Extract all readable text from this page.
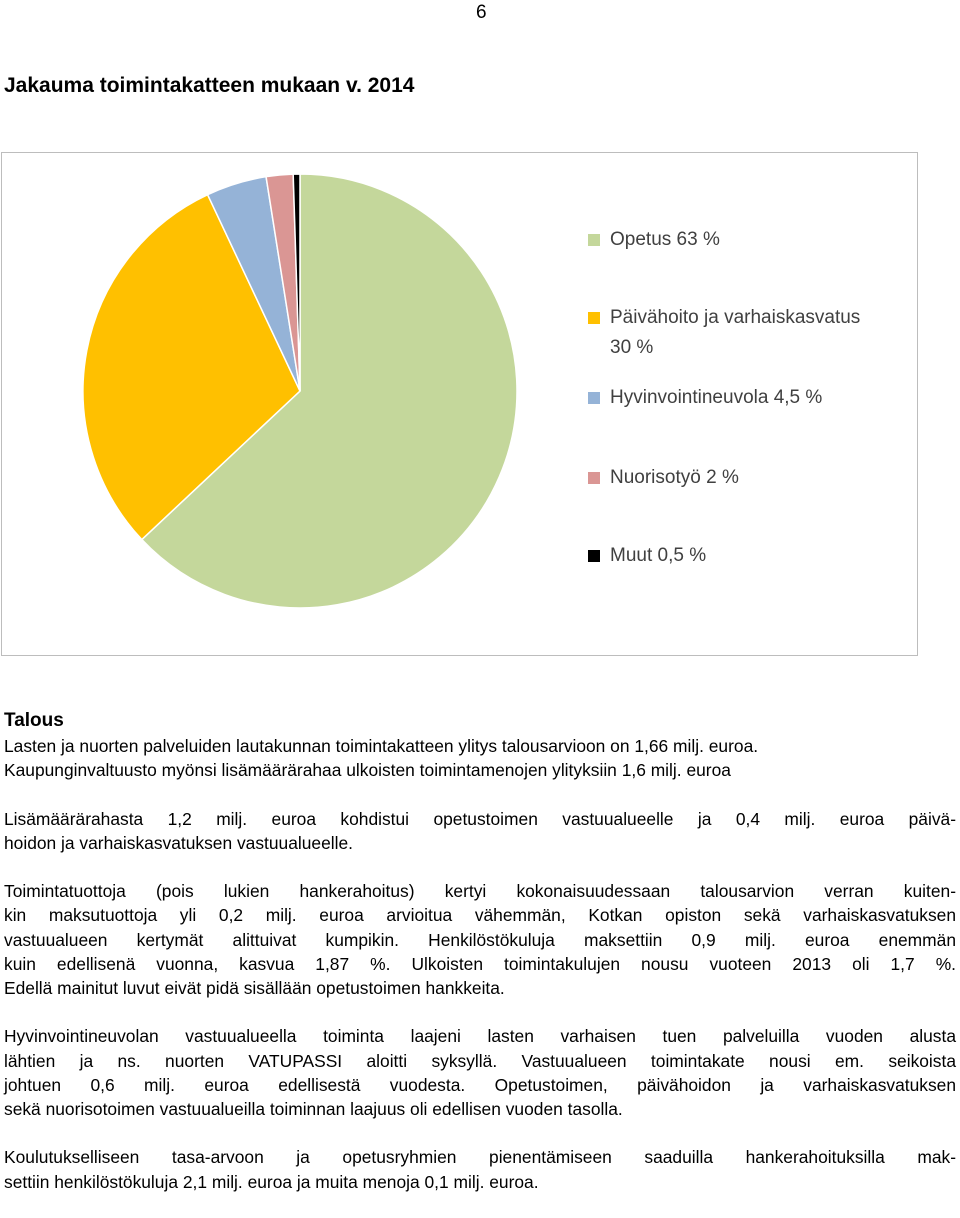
6
Jakauma toimintakatteen mukaan v. 2014
Opetus 63 %
Päivähoito ja varhaiskasvatus
30 %
Hyvinvointineuvola 4,5 %
Nuorisotyö 2 %
Muut 0,5 %
Talous

Lasten ja nuorten palveluiden lautakunnan toimintakatteen ylitys talousarvioon on 1,66 milj. euroa.
Kaupunginvaltuusto myönsi lisämäärärahaa ulkoisten toimintamenojen ylityksiin 1,6 milj. euroa

Lisämäärärahasta 1,2 milj. euroa kohdistui opetustoimen vastuualueelle ja 0,4 milj. euroa päivä-
hoidon ja varhaiskasvatuksen vastuualueelle.

Toimintatuottoja (pois lukien hankerahoitus) kertyi kokonaisuudessaan talousarvion verran kuiten-
kin maksutuottoja yli 0,2 milj. euroa arvioitua vähemmän, Kotkan opiston sekä varhaiskasvatuksen
vastuualueen kertymät alittuivat kumpikin. Henkilöstökuluja maksettiin 0,9 milj. euroa enemmän
kuin edellisenä vuonna, kasvua 1,87 %. Ulkoisten toimintakulujen nousu vuoteen 2013 oli 1,7 %.
Edellä mainitut luvut eivät pidä sisällään opetustoimen hankkeita.

Hyvinvointineuvolan vastuualueella toiminta laajeni lasten varhaisen tuen palveluilla vuoden alusta
lähtien ja ns. nuorten VATUPASSI aloitti syksyllä. Vastuualueen toimintakate nousi em. seikoista
johtuen 0,6 milj. euroa edellisestä vuodesta. Opetustoimen, päivähoidon ja varhaiskasvatuksen
sekä nuorisotoimen vastuualueilla toiminnan laajuus oli edellisen vuoden tasolla.

Koulutukselliseen tasa-arvoon ja opetusryhmien pienentämiseen saaduilla hankerahoituksilla mak-
settiin henkilöstökuluja 2,1 milj. euroa ja muita menoja 0,1 milj. euroa.
